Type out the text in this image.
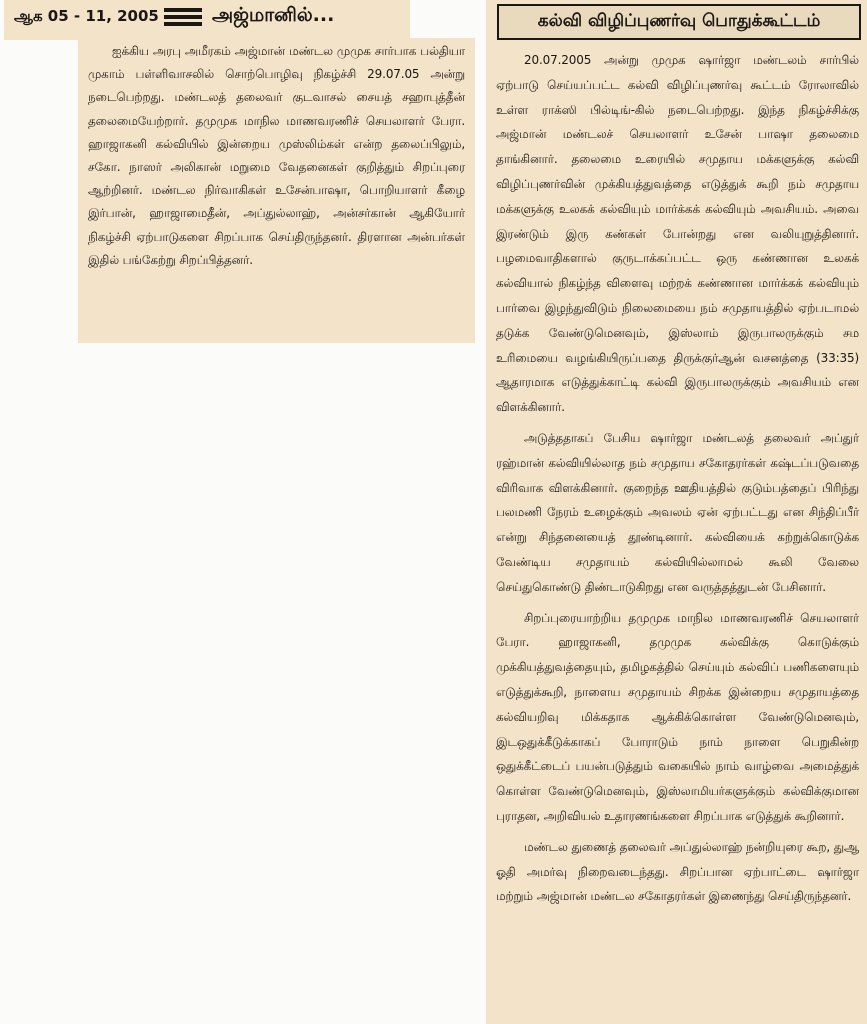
ஆக 05 - 11, 2005	அஜ்மானில்...

ஐக்கிய அரபு அமீரகம் அஜ்மான் மண்டல முமுக சார்பாக பல்தியா முகாம் பள்ளிவாசலில் சொற்பொழிவு நிகழ்ச்சி 29.07.05 அன்று நடைபெற்றது. மண்டலத் தலைவர் குடவாசல் சையத் சஹாபுத்தீன் தலைமையேற்றார். தமுமுக மாநில மாணவரணிச் செயலாளர் பேரா. ஹாஜாகனி கல்வியில் இன்றைய முஸ்லிம்கள் என்ற தலைப்பிலும், சகோ. நாஸர் அலிகான் மறுமை வேதனைகள் குறித்தும் சிறப்புரை ஆற்றினர். மண்டல நிர்வாகிகள் உசேன்பாஷா, பொறியாளர் கீழை இர்பான், ஹாஜாமைதீன், அப்துல்லாஹ், அன்சர்கான் ஆகியோர் நிகழ்ச்சி ஏற்பாடுகளை சிறப்பாக செய்திருந்தனர். திரளான அன்பர்கள் இதில் பங்கேற்று சிறப்பித்தனர்.

20.07.2005 அன்று முமுக ஷார்ஜா மண்டலம் சார்பில் ஏற்பாடு செய்யப்பட்ட கல்வி விழிப்புணர்வு கூட்டம் ரோலாவில் உள்ள ராக்ஸி பில்டிங்-கில் நடைபெற்றது. இந்த நிகழ்ச்சிக்கு அஜ்மான் மண்டலச் செயலாளர் உசேன் பாஷா தலைமை தாங்கினார். தலைமை உரையில் சமுதாய மக்களுக்கு கல்வி விழிப்புணர்வின் முக்கியத்துவத்தை எடுத்துக் கூறி நம் சமுதாய மக்களுக்கு உலகக் கல்வியும் மார்க்கக் கல்வியும் அவசியம். அவை இரண்டும் இரு கண்கள் போன்றது என வலியுறுத்தினார். பழமைவாதிகளால் குருடாக்கப்பட்ட ஒரு கண்ணான உலகக் கல்வியால் நிகழ்ந்த விளைவு மற்றக் கண்ணான மார்க்கக் கல்வியும் பார்வை இழந்துவிடும் நிலைமையை நம் சமுதாயத்தில் ஏற்படாமல் தடுக்க வேண்டுமெனவும், இஸ்லாம் இருபாலருக்கும் சம உரிமையை வழங்கியிருப்பதை திருக்குர்ஆன் வசனத்தை (33:35) ஆதாரமாக எடுத்துக்காட்டி கல்வி இருபாலருக்கும் அவசியம் என விளக்கினார்.

அடுத்ததாகப் பேசிய ஷார்ஜா மண்டலத் தலைவர் அப்துர் ரஹ்மான் கல்வியில்லாத நம் சமுதாய சகோதரர்கள் கஷ்டப்படுவதை விரிவாக விளக்கினார். குறைந்த ஊதியத்தில் குடும்பத்தைப் பிரிந்து பலமணி நேரம் உழைக்கும் அவலம் ஏன் ஏற்பட்டது என சிந்திப்பீர் என்று சிந்தனையைத் தூண்டினார். கல்வியைக் கற்றுக்கொடுக்க வேண்டிய சமுதாயம் கல்வியில்லாமல் கூலி வேலை செய்துகொண்டு திண்டாடுகிறது என வருத்தத்துடன் பேசினார்.

சிறப்புரையாற்றிய தமுமுக மாநில மாணவரணிச் செயலாளர் பேரா. ஹாஜாகனி, தமுமுக கல்விக்கு கொடுக்கும் முக்கியத்துவத்தையும், தமிழகத்தில் செய்யும் கல்விப் பணிகளையும் எடுத்துக்கூறி, நாளைய சமுதாயம் சிறக்க இன்றைய சமுதாயத்தை கல்வியறிவு மிக்கதாக ஆக்கிக்கொள்ள வேண்டுமெனவும், இடஒதுக்கீடுக்காகப் போராடும் நாம் நாளை பெறுகின்ற ஒதுக்கீட்டைப் பயன்படுத்தும் வகையில் நாம் வாழ்வை அமைத்துக் கொள்ள வேண்டுமெனவும், இஸ்லாமியர்களுக்கும் கல்விக்குமான புராதன, அறிவியல் உதாரணங்களை சிறப்பாக எடுத்துக் கூறினார்.

மண்டல துணைத் தலைவர் அப்துல்லாஹ் நன்றியுரை கூற, துஆ ஓதி அமர்வு நிறைவடைந்தது. சிறப்பான ஏற்பாட்டை ஷார்ஜா மற்றும் அஜ்மான் மண்டல சகோதரர்கள் இணைந்து செய்திருந்தனர்.

கல்வி விழிப்புணர்வு பொதுக்கூட்டம்
